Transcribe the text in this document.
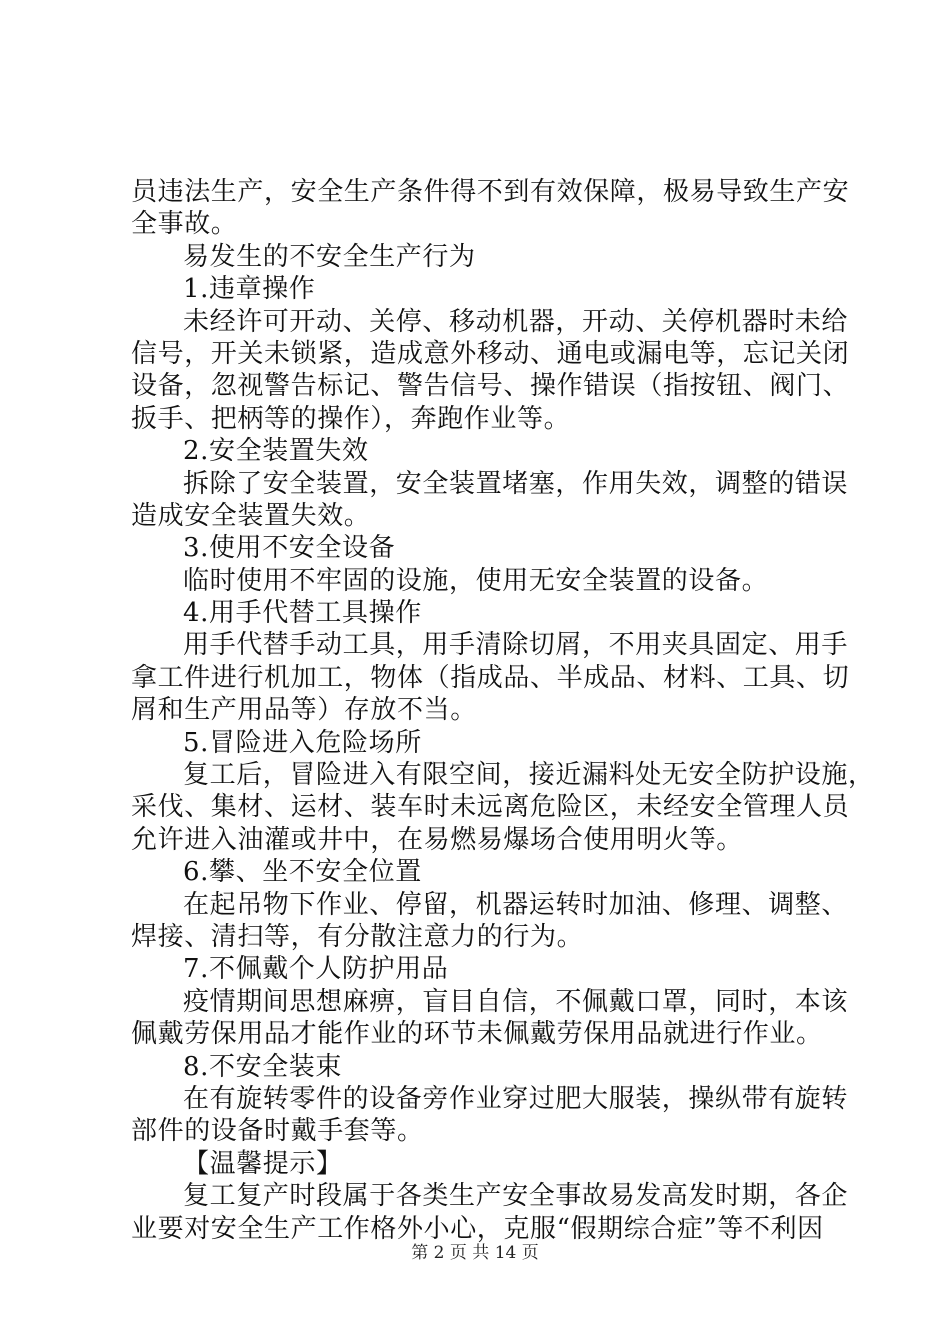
员违法生产，安全生产条件得不到有效保障，极易导致生产安
全事故。
易发生的不安全生产行为
1.违章操作
未经许可开动、关停、移动机器，开动、关停机器时未给
信号，开关未锁紧，造成意外移动、通电或漏电等，忘记关闭
设备，忽视警告标记、警告信号、操作错误（指按钮、阀门、
扳手、把柄等的操作），奔跑作业等。
2.安全装置失效
拆除了安全装置，安全装置堵塞，作用失效，调整的错误
造成安全装置失效。
3.使用不安全设备
临时使用不牢固的设施，使用无安全装置的设备。
4.用手代替工具操作
用手代替手动工具，用手清除切屑，不用夹具固定、用手
拿工件进行机加工，物体（指成品、半成品、材料、工具、切
屑和生产用品等）存放不当。
5.冒险进入危险场所
复工后，冒险进入有限空间，接近漏料处无安全防护设施，
采伐、集材、运材、装车时未远离危险区，未经安全管理人员
允许进入油灌或井中，在易燃易爆场合使用明火等。
6.攀、坐不安全位置
在起吊物下作业、停留，机器运转时加油、修理、调整、
焊接、清扫等，有分散注意力的行为。
7.不佩戴个人防护用品
疫情期间思想麻痹，盲目自信，不佩戴口罩，同时，本该
佩戴劳保用品才能作业的环节未佩戴劳保用品就进行作业。
8.不安全装束
在有旋转零件的设备旁作业穿过肥大服装，操纵带有旋转
部件的设备时戴手套等。
【温馨提示】
复工复产时段属于各类生产安全事故易发高发时期，各企
业要对安全生产工作格外小心，克服“假期综合症”等不利因
第 2 页 共 14 页
